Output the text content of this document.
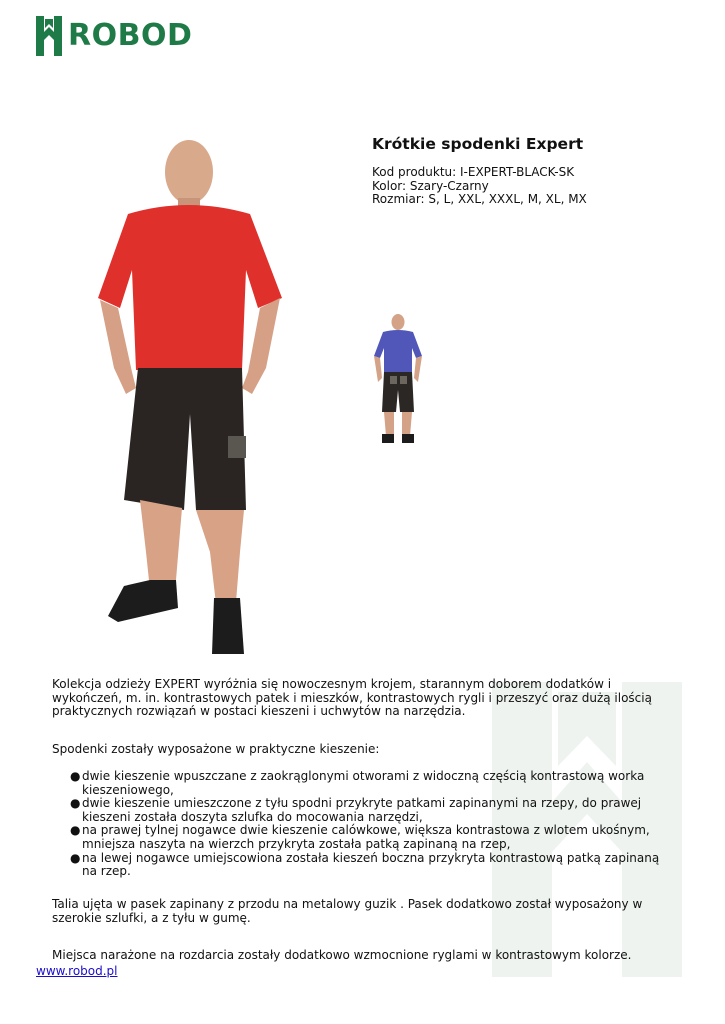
ROBOD
Krótkie spodenki Expert
Kod produktu: I-EXPERT-BLACK-SK
Kolor: Szary-Czarny
Rozmiar: S, L, XXL, XXXL, M, XL, MX

Kolekcja odzieży EXPERT wyróżnia się nowoczesnym krojem, starannym doborem dodatków i wykończeń, m. in. kontrastowych patek i mieszków, kontrastowych rygli i przeszyć oraz dużą ilością praktycznych rozwiązań w postaci kieszeni i uchwytów na narzędzia.

Spodenki zostały wyposażone w praktyczne kieszenie:

● dwie kieszenie wpuszczane z zaokrąglonymi otworami z widoczną częścią kontrastową worka
kieszeniowego,
● dwie kieszenie umieszczone z tyłu spodni przykryte patkami zapinanymi na rzepy, do prawej
kieszeni została doszyta szlufka do mocowania narzędzi,
● na prawej tylnej nogawce dwie kieszenie calówkowe, większa kontrastowa z wlotem ukośnym,
mniejsza naszyta na wierzch przykryta została patką zapinaną na rzep,
● na lewej nogawce umiejscowiona została kieszeń boczna przykryta kontrastową patką zapinaną
na rzep.

Talia ujęta w pasek zapinany z przodu na metalowy guzik . Pasek dodatkowo został wyposażony w szerokie szlufki, a z tyłu w gumę.

Miejsca narażone na rozdarcia zostały dodatkowo wzmocnione ryglami w kontrastowym kolorze.

www.robod.pl
